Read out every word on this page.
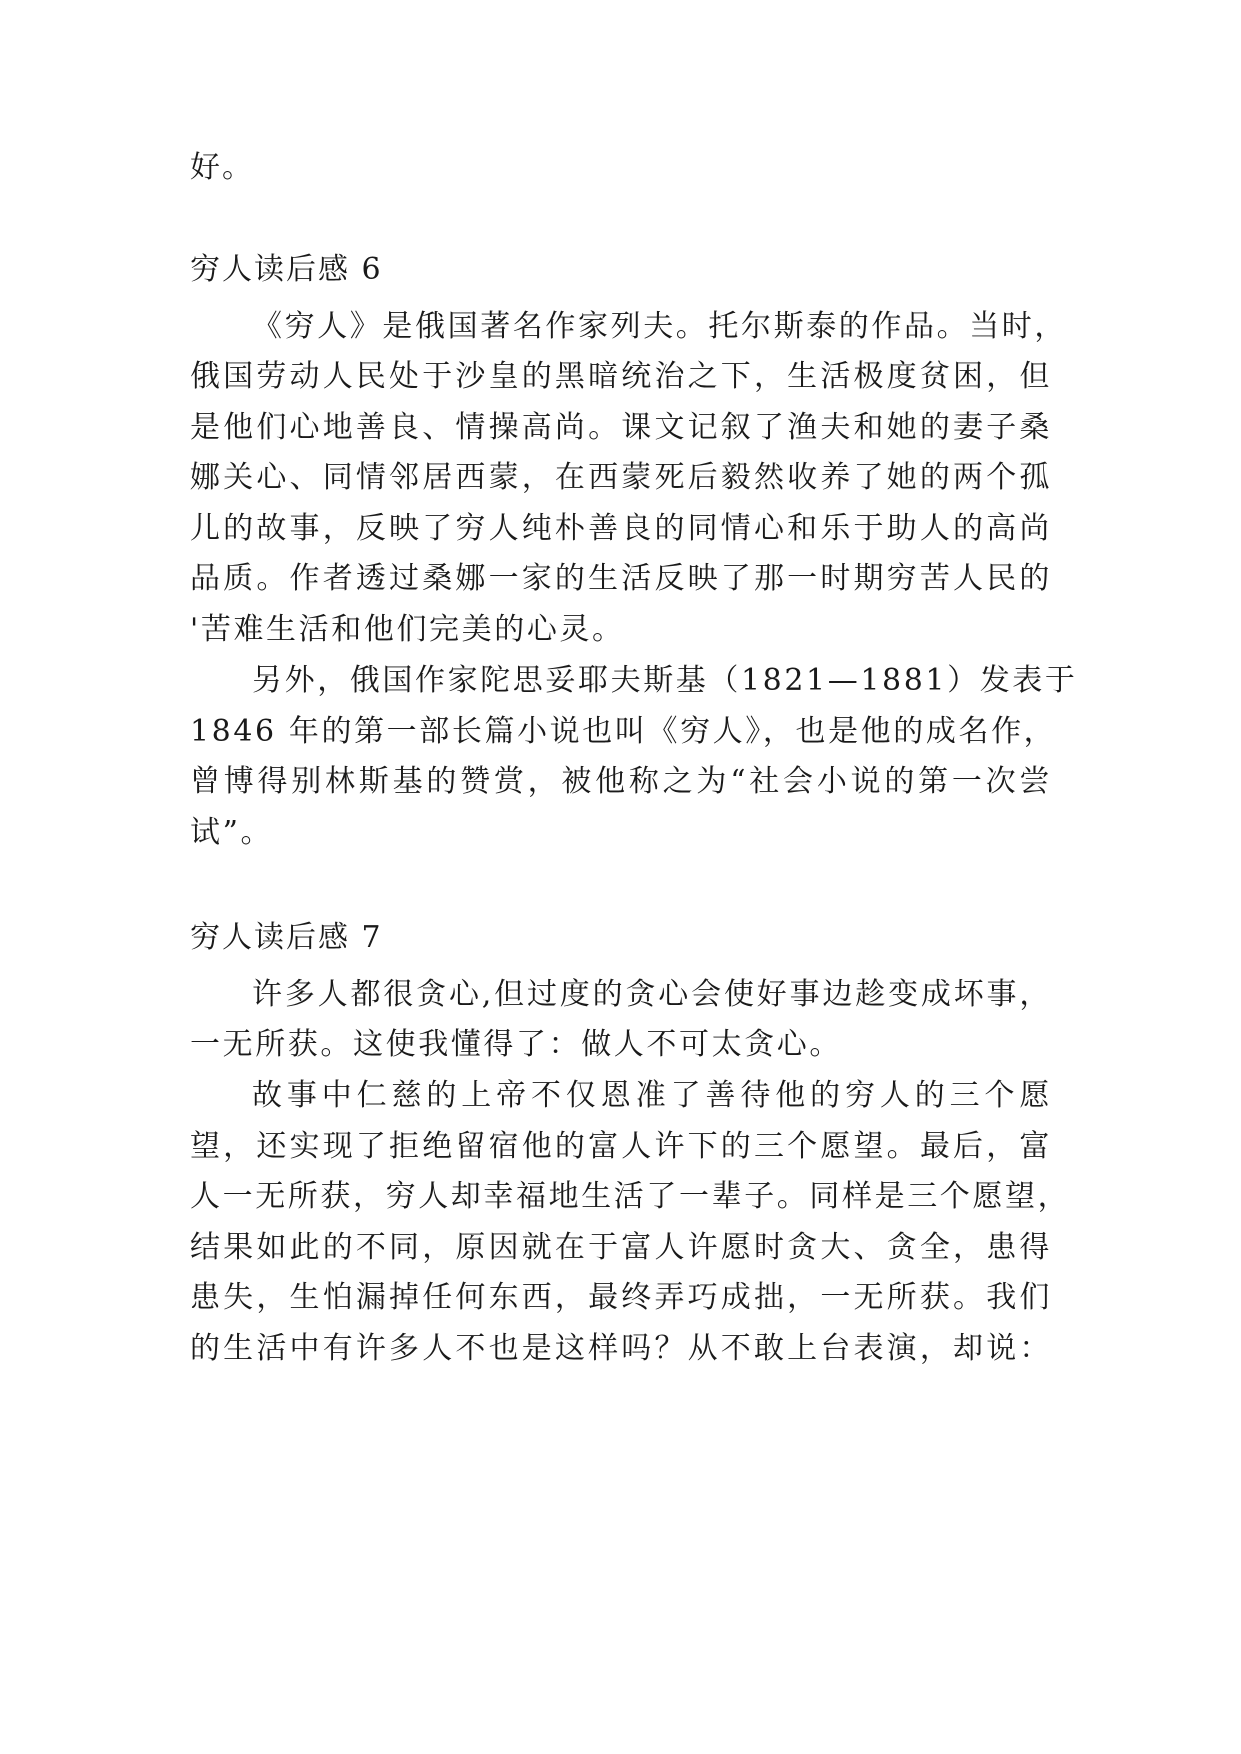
好。
穷人读后感 6
《穷人》是俄国著名作家列夫。托尔斯泰的作品。当时，
俄国劳动人民处于沙皇的黑暗统治之下，生活极度贫困，但
是他们心地善良、情操高尚。课文记叙了渔夫和她的妻子桑
娜关心、同情邻居西蒙，在西蒙死后毅然收养了她的两个孤
儿的故事，反映了穷人纯朴善良的同情心和乐于助人的高尚
品质。作者透过桑娜一家的生活反映了那一时期穷苦人民的
'苦难生活和他们完美的心灵。
另外，俄国作家陀思妥耶夫斯基（1821—1881）发表于
1846 年的第一部长篇小说也叫《穷人》，也是他的成名作，
曾博得别林斯基的赞赏，被他称之为“社会小说的第一次尝
试”。
穷人读后感 7
许多人都很贪心,但过度的贪心会使好事边趁变成坏事，
一无所获。这使我懂得了：做人不可太贪心。
故事中仁慈的上帝不仅恩准了善待他的穷人的三个愿
望，还实现了拒绝留宿他的富人许下的三个愿望。最后，富
人一无所获，穷人却幸福地生活了一辈子。同样是三个愿望，
结果如此的不同，原因就在于富人许愿时贪大、贪全，患得
患失，生怕漏掉任何东西，最终弄巧成拙，一无所获。我们
的生活中有许多人不也是这样吗？从不敢上台表演，却说：
